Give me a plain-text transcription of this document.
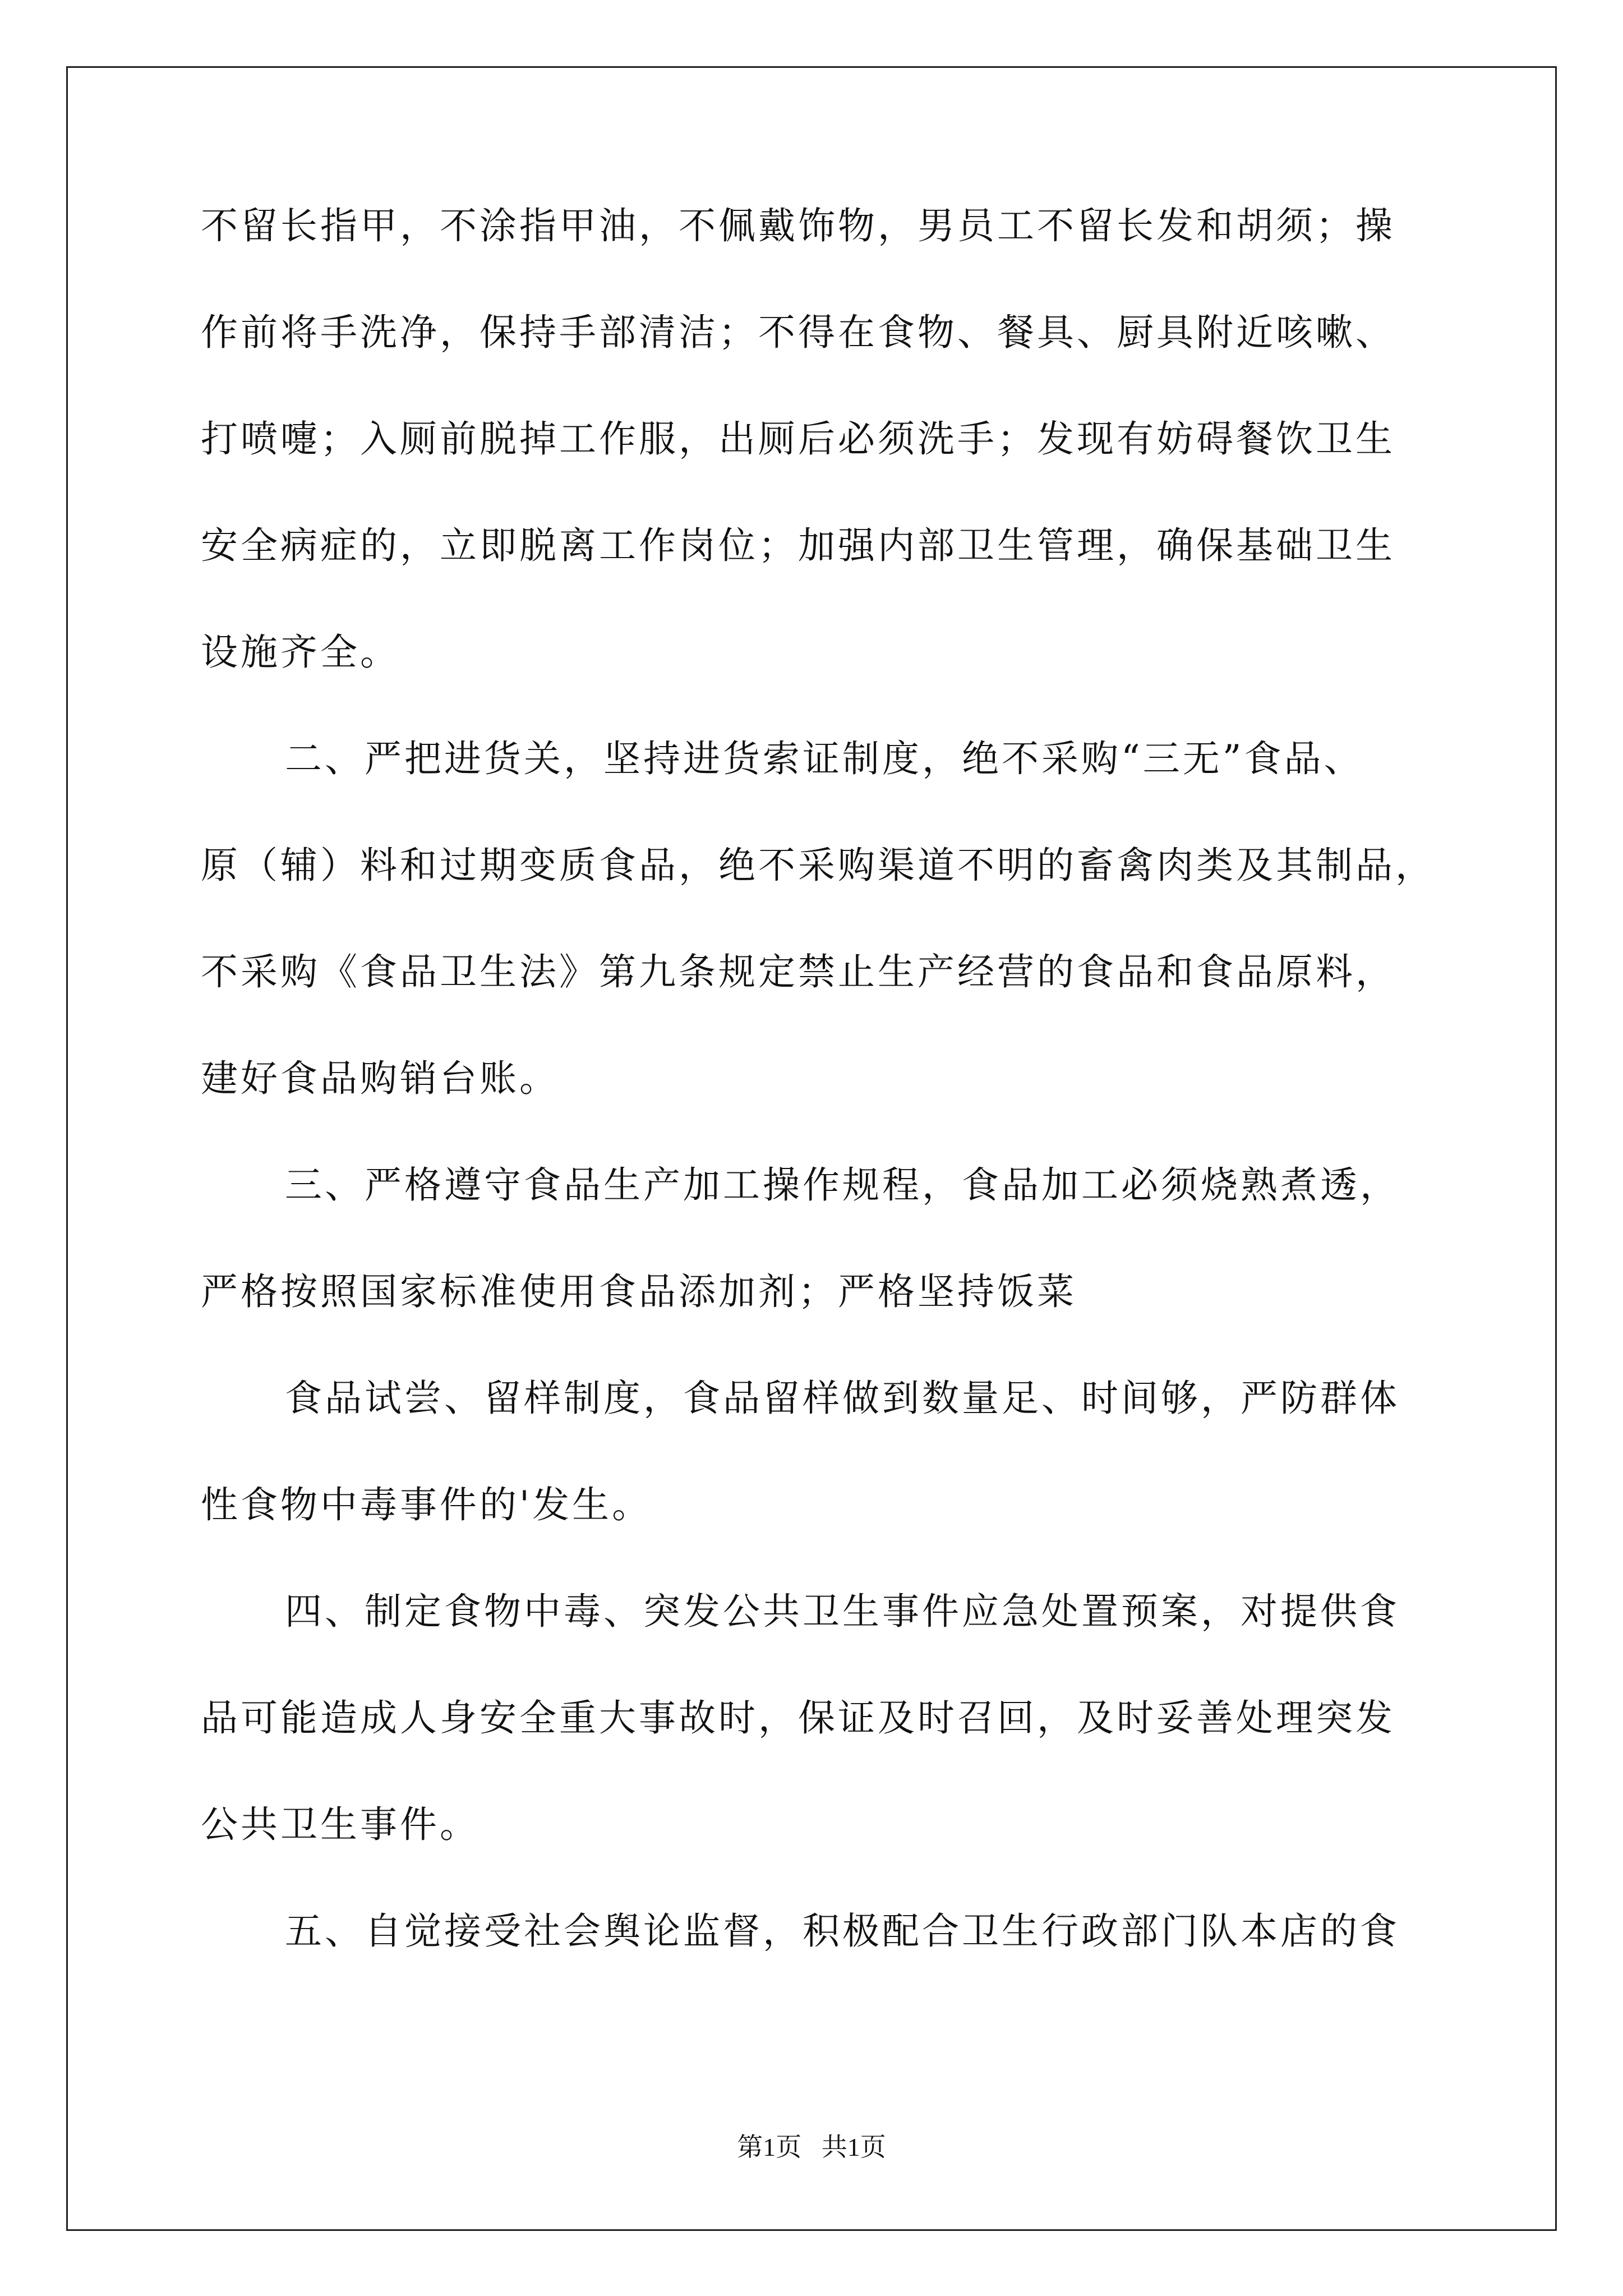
不留长指甲，不涂指甲油，不佩戴饰物，男员工不留长发和胡须；操
作前将手洗净，保持手部清洁；不得在食物、餐具、厨具附近咳嗽、
打喷嚏；入厕前脱掉工作服，出厕后必须洗手；发现有妨碍餐饮卫生
安全病症的，立即脱离工作岗位；加强内部卫生管理，确保基础卫生
设施齐全。
二、严把进货关，坚持进货索证制度，绝不采购“三无”食品、
原（辅）料和过期变质食品，绝不采购渠道不明的畜禽肉类及其制品，
不采购《食品卫生法》第九条规定禁止生产经营的食品和食品原料，
建好食品购销台账。
三、严格遵守食品生产加工操作规程，食品加工必须烧熟煮透，
严格按照国家标准使用食品添加剂；严格坚持饭菜
食品试尝、留样制度，食品留样做到数量足、时间够，严防群体
性食物中毒事件的'发生。
四、制定食物中毒、突发公共卫生事件应急处置预案，对提供食
品可能造成人身安全重大事故时，保证及时召回，及时妥善处理突发
公共卫生事件。
五、自觉接受社会舆论监督，积极配合卫生行政部门队本店的食
第1页 共1页
